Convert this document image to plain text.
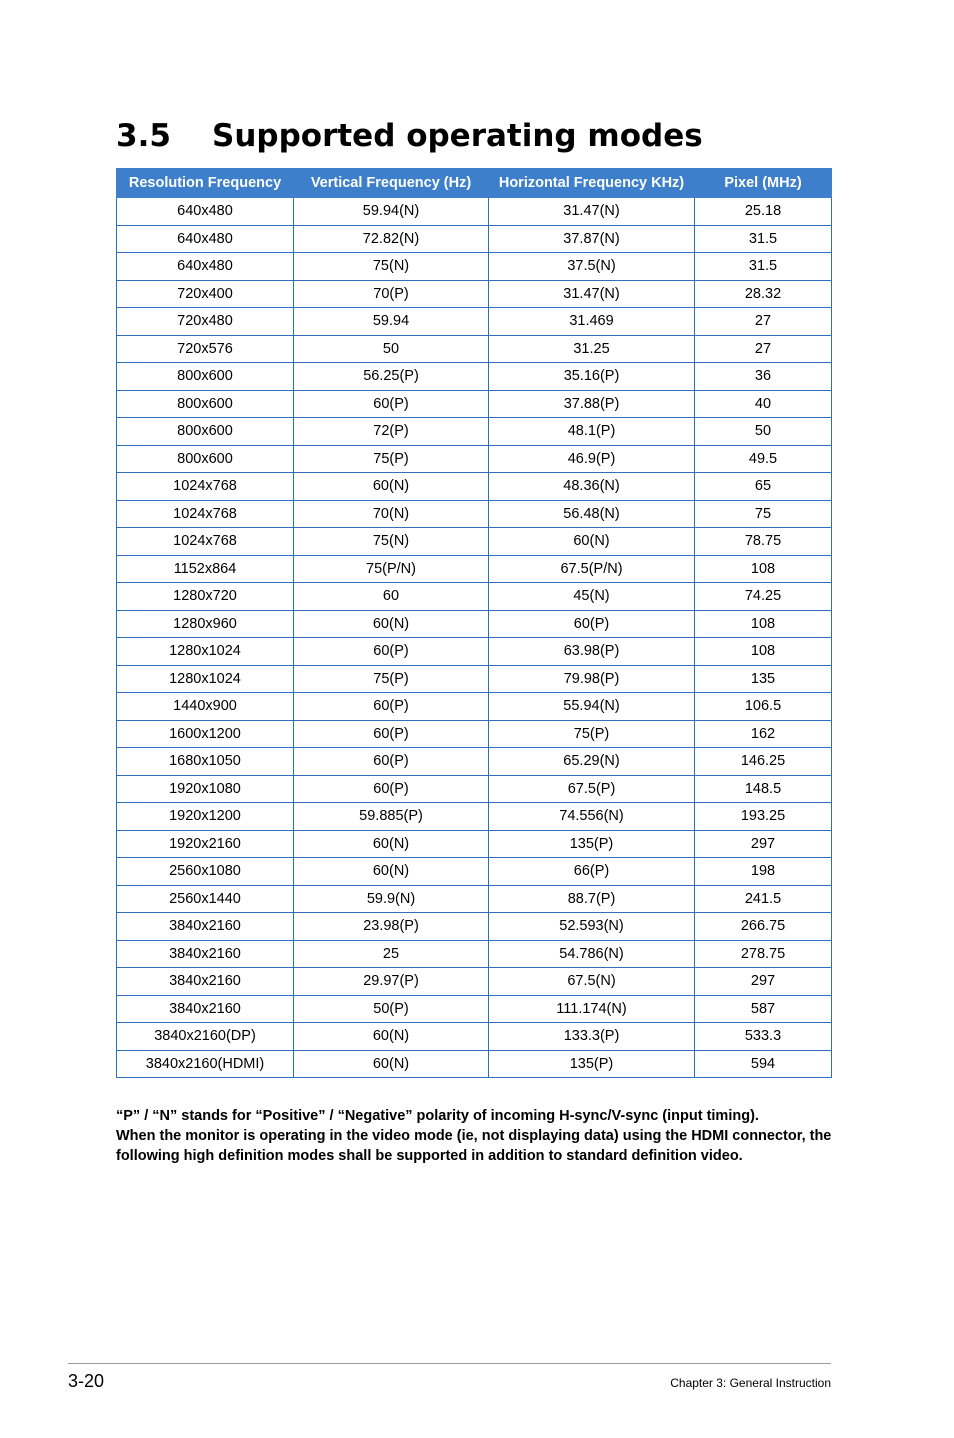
3.5 Supported operating modes
Resolution Frequency	Vertical Frequency (Hz)	Horizontal Frequency KHz)	Pixel (MHz)
640x480	59.94(N)	31.47(N)	25.18
640x480	72.82(N)	37.87(N)	31.5
640x480	75(N)	37.5(N)	31.5
720x400	70(P)	31.47(N)	28.32
720x480	59.94	31.469	27
720x576	50	31.25	27
800x600	56.25(P)	35.16(P)	36
800x600	60(P)	37.88(P)	40
800x600	72(P)	48.1(P)	50
800x600	75(P)	46.9(P)	49.5
1024x768	60(N)	48.36(N)	65
1024x768	70(N)	56.48(N)	75
1024x768	75(N)	60(N)	78.75
1152x864	75(P/N)	67.5(P/N)	108
1280x720	60	45(N)	74.25
1280x960	60(N)	60(P)	108
1280x1024	60(P)	63.98(P)	108
1280x1024	75(P)	79.98(P)	135
1440x900	60(P)	55.94(N)	106.5
1600x1200	60(P)	75(P)	162
1680x1050	60(P)	65.29(N)	146.25
1920x1080	60(P)	67.5(P)	148.5
1920x1200	59.885(P)	74.556(N)	193.25
1920x2160	60(N)	135(P)	297
2560x1080	60(N)	66(P)	198
2560x1440	59.9(N)	88.7(P)	241.5
3840x2160	23.98(P)	52.593(N)	266.75
3840x2160	25	54.786(N)	278.75
3840x2160	29.97(P)	67.5(N)	297
3840x2160	50(P)	111.174(N)	587
3840x2160(DP)	60(N)	133.3(P)	533.3
3840x2160(HDMI)	60(N)	135(P)	594

“P” / “N” stands for “Positive” / “Negative” polarity of incoming H-sync/V-sync (input timing).

When the monitor is operating in the video mode (ie, not displaying data) using the HDMI connector, the following high definition modes shall be supported in addition to standard definition video.

3-20	Chapter 3: General Instruction
